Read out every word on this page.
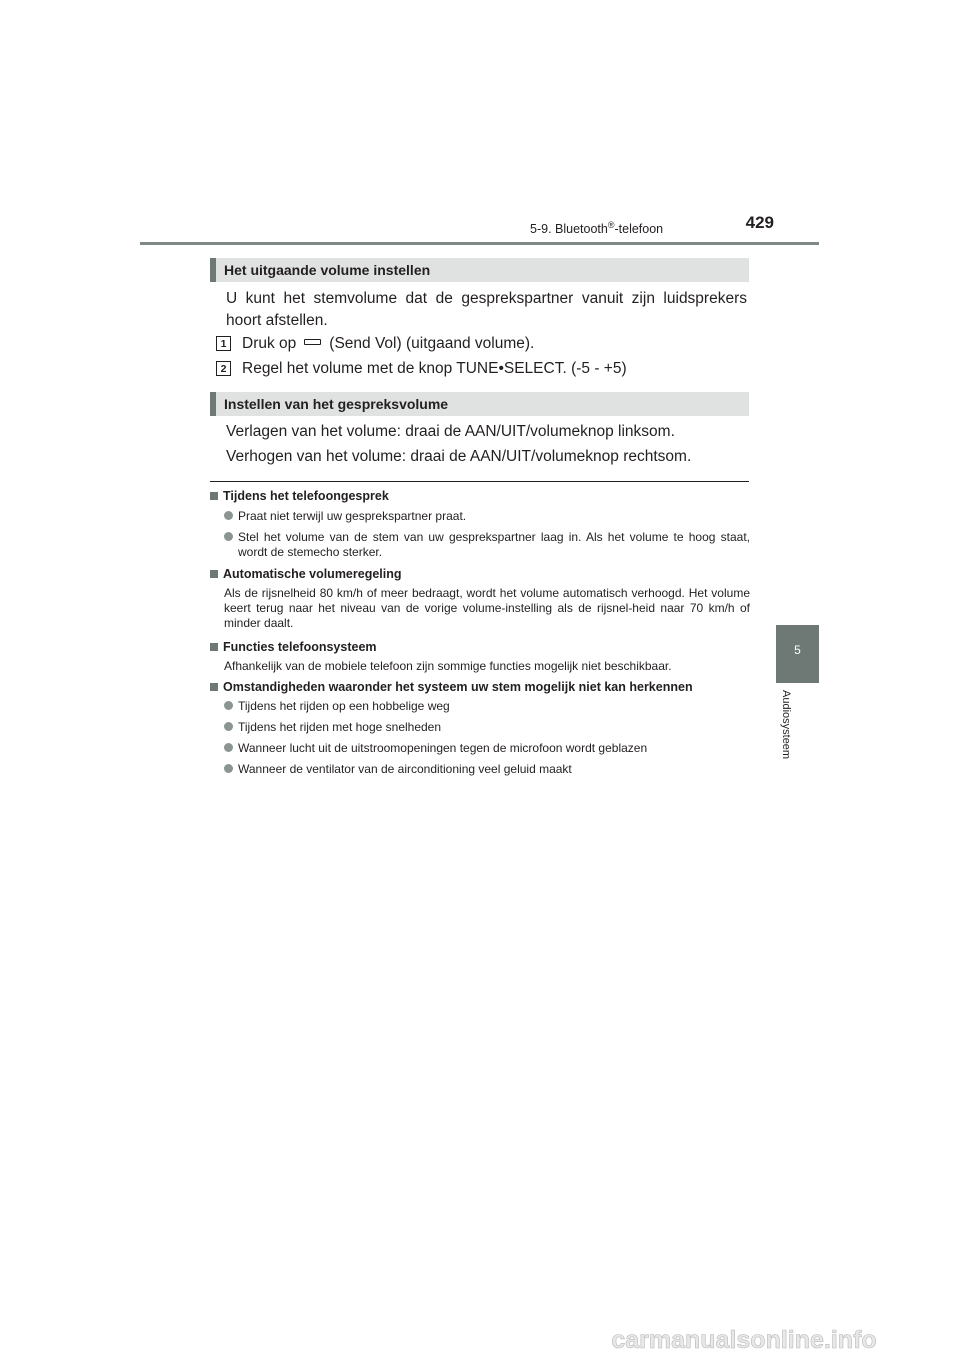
5-9. Bluetooth®-telefoon	429
5
Audiosysteem
Het uitgaande volume instellen
U kunt het stemvolume dat de gesprekspartner vanuit zijn luidsprekers hoort afstellen.
1 Druk op (Send Vol) (uitgaand volume).
2 Regel het volume met de knop TUNE•SELECT. (-5 - +5)
Instellen van het gespreksvolume
Verlagen van het volume: draai de AAN/UIT/volumeknop linksom.
Verhogen van het volume: draai de AAN/UIT/volumeknop rechtsom.
Tijdens het telefoongesprek
Praat niet terwijl uw gesprekspartner praat.
Stel het volume van de stem van uw gesprekspartner laag in. Als het volume te hoog staat, wordt de stemecho sterker.
Automatische volumeregeling
Als de rijsnelheid 80 km/h of meer bedraagt, wordt het volume automatisch verhoogd. Het volume keert terug naar het niveau van de vorige volume-instelling als de rijsnel-heid naar 70 km/h of minder daalt.
Functies telefoonsysteem
Afhankelijk van de mobiele telefoon zijn sommige functies mogelijk niet beschikbaar.
Omstandigheden waaronder het systeem uw stem mogelijk niet kan herkennen
Tijdens het rijden op een hobbelige weg
Tijdens het rijden met hoge snelheden
Wanneer lucht uit de uitstroomopeningen tegen de microfoon wordt geblazen
Wanneer de ventilator van de airconditioning veel geluid maakt
carmanualsonline.info
